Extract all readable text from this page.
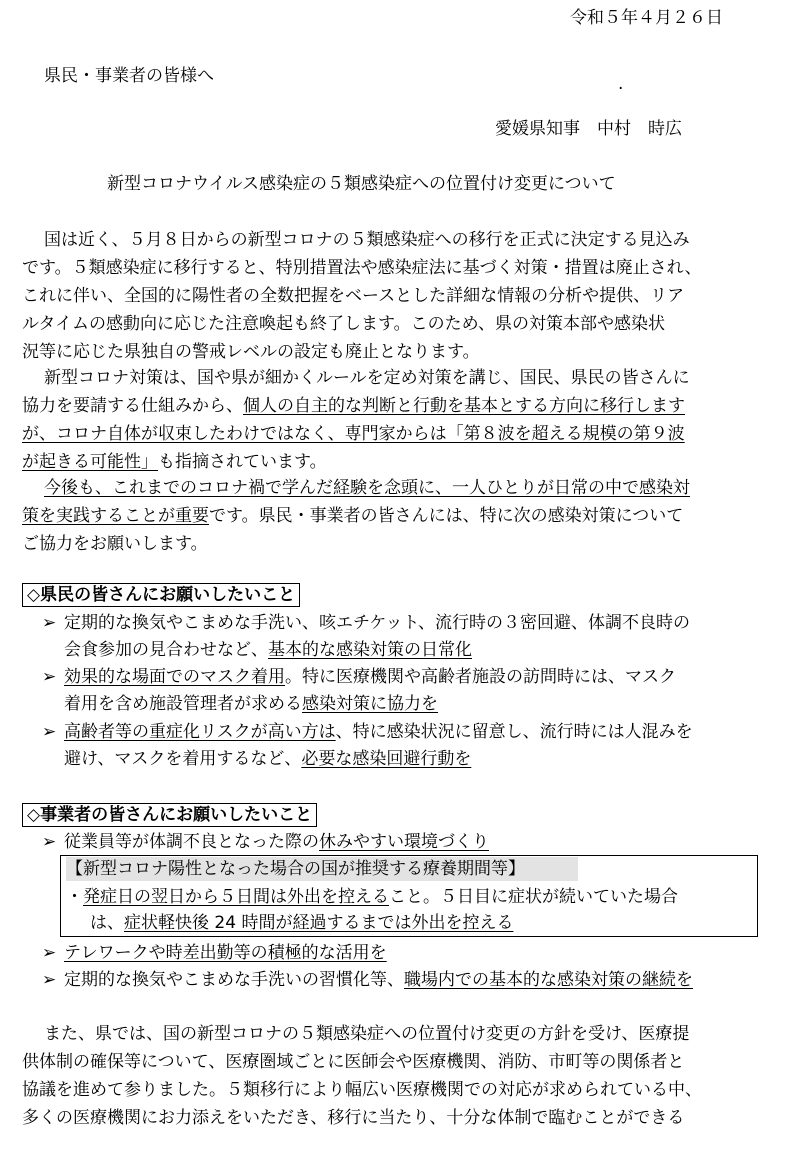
令和５年４月２６日
県民・事業者の皆様へ	.
愛媛県知事　中村　時広
新型コロナウイルス感染症の５類感染症への位置付け変更について
国は近く、５月８日からの新型コロナの５類感染症への移行を正式に決定する見込み
です。５類感染症に移行すると、特別措置法や感染症法に基づく対策・措置は廃止され、
これに伴い、全国的に陽性者の全数把握をベースとした詳細な情報の分析や提供、リア
ルタイムの感動向に応じた注意喚起も終了します。このため、県の対策本部や感染状
況等に応じた県独自の警戒レベルの設定も廃止となります。
新型コロナ対策は、国や県が細かくルールを定め対策を講じ、国民、県民の皆さんに
協力を要請する仕組みから、個人の自主的な判断と行動を基本とする方向に移行します
が、コロナ自体が収束したわけではなく、専門家からは「第８波を超える規模の第９波
が起きる可能性」も指摘されています。
今後も、これまでのコロナ禍で学んだ経験を念頭に、一人ひとりが日常の中で感染対
策を実践することが重要です。県民・事業者の皆さんには、特に次の感染対策について
ご協力をお願いします。
◇県民の皆さんにお願いしたいこと
➢ 定期的な換気やこまめな手洗い、咳エチケット、流行時の３密回避、体調不良時の
会食参加の見合わせなど、基本的な感染対策の日常化
➢ 効果的な場面でのマスク着用。特に医療機関や高齢者施設の訪問時には、マスク
着用を含め施設管理者が求める感染対策に協力を
➢ 高齢者等の重症化リスクが高い方は、特に感染状況に留意し、流行時には人混みを
避け、マスクを着用するなど、必要な感染回避行動を
◇事業者の皆さんにお願いしたいこと
➢ 従業員等が体調不良となった際の休みやすい環境づくり
【新型コロナ陽性となった場合の国が推奨する療養期間等】
・発症日の翌日から５日間は外出を控えること。５日目に症状が続いていた場合
は、症状軽快後 24 時間が経過するまでは外出を控える
➢ テレワークや時差出勤等の積極的な活用を
➢ 定期的な換気やこまめな手洗いの習慣化等、職場内での基本的な感染対策の継続を
また、県では、国の新型コロナの５類感染症への位置付け変更の方針を受け、医療提
供体制の確保等について、医療圏域ごとに医師会や医療機関、消防、市町等の関係者と
協議を進めて参りました。５類移行により幅広い医療機関での対応が求められている中、
多くの医療機関にお力添えをいただき、移行に当たり、十分な体制で臨むことができる
